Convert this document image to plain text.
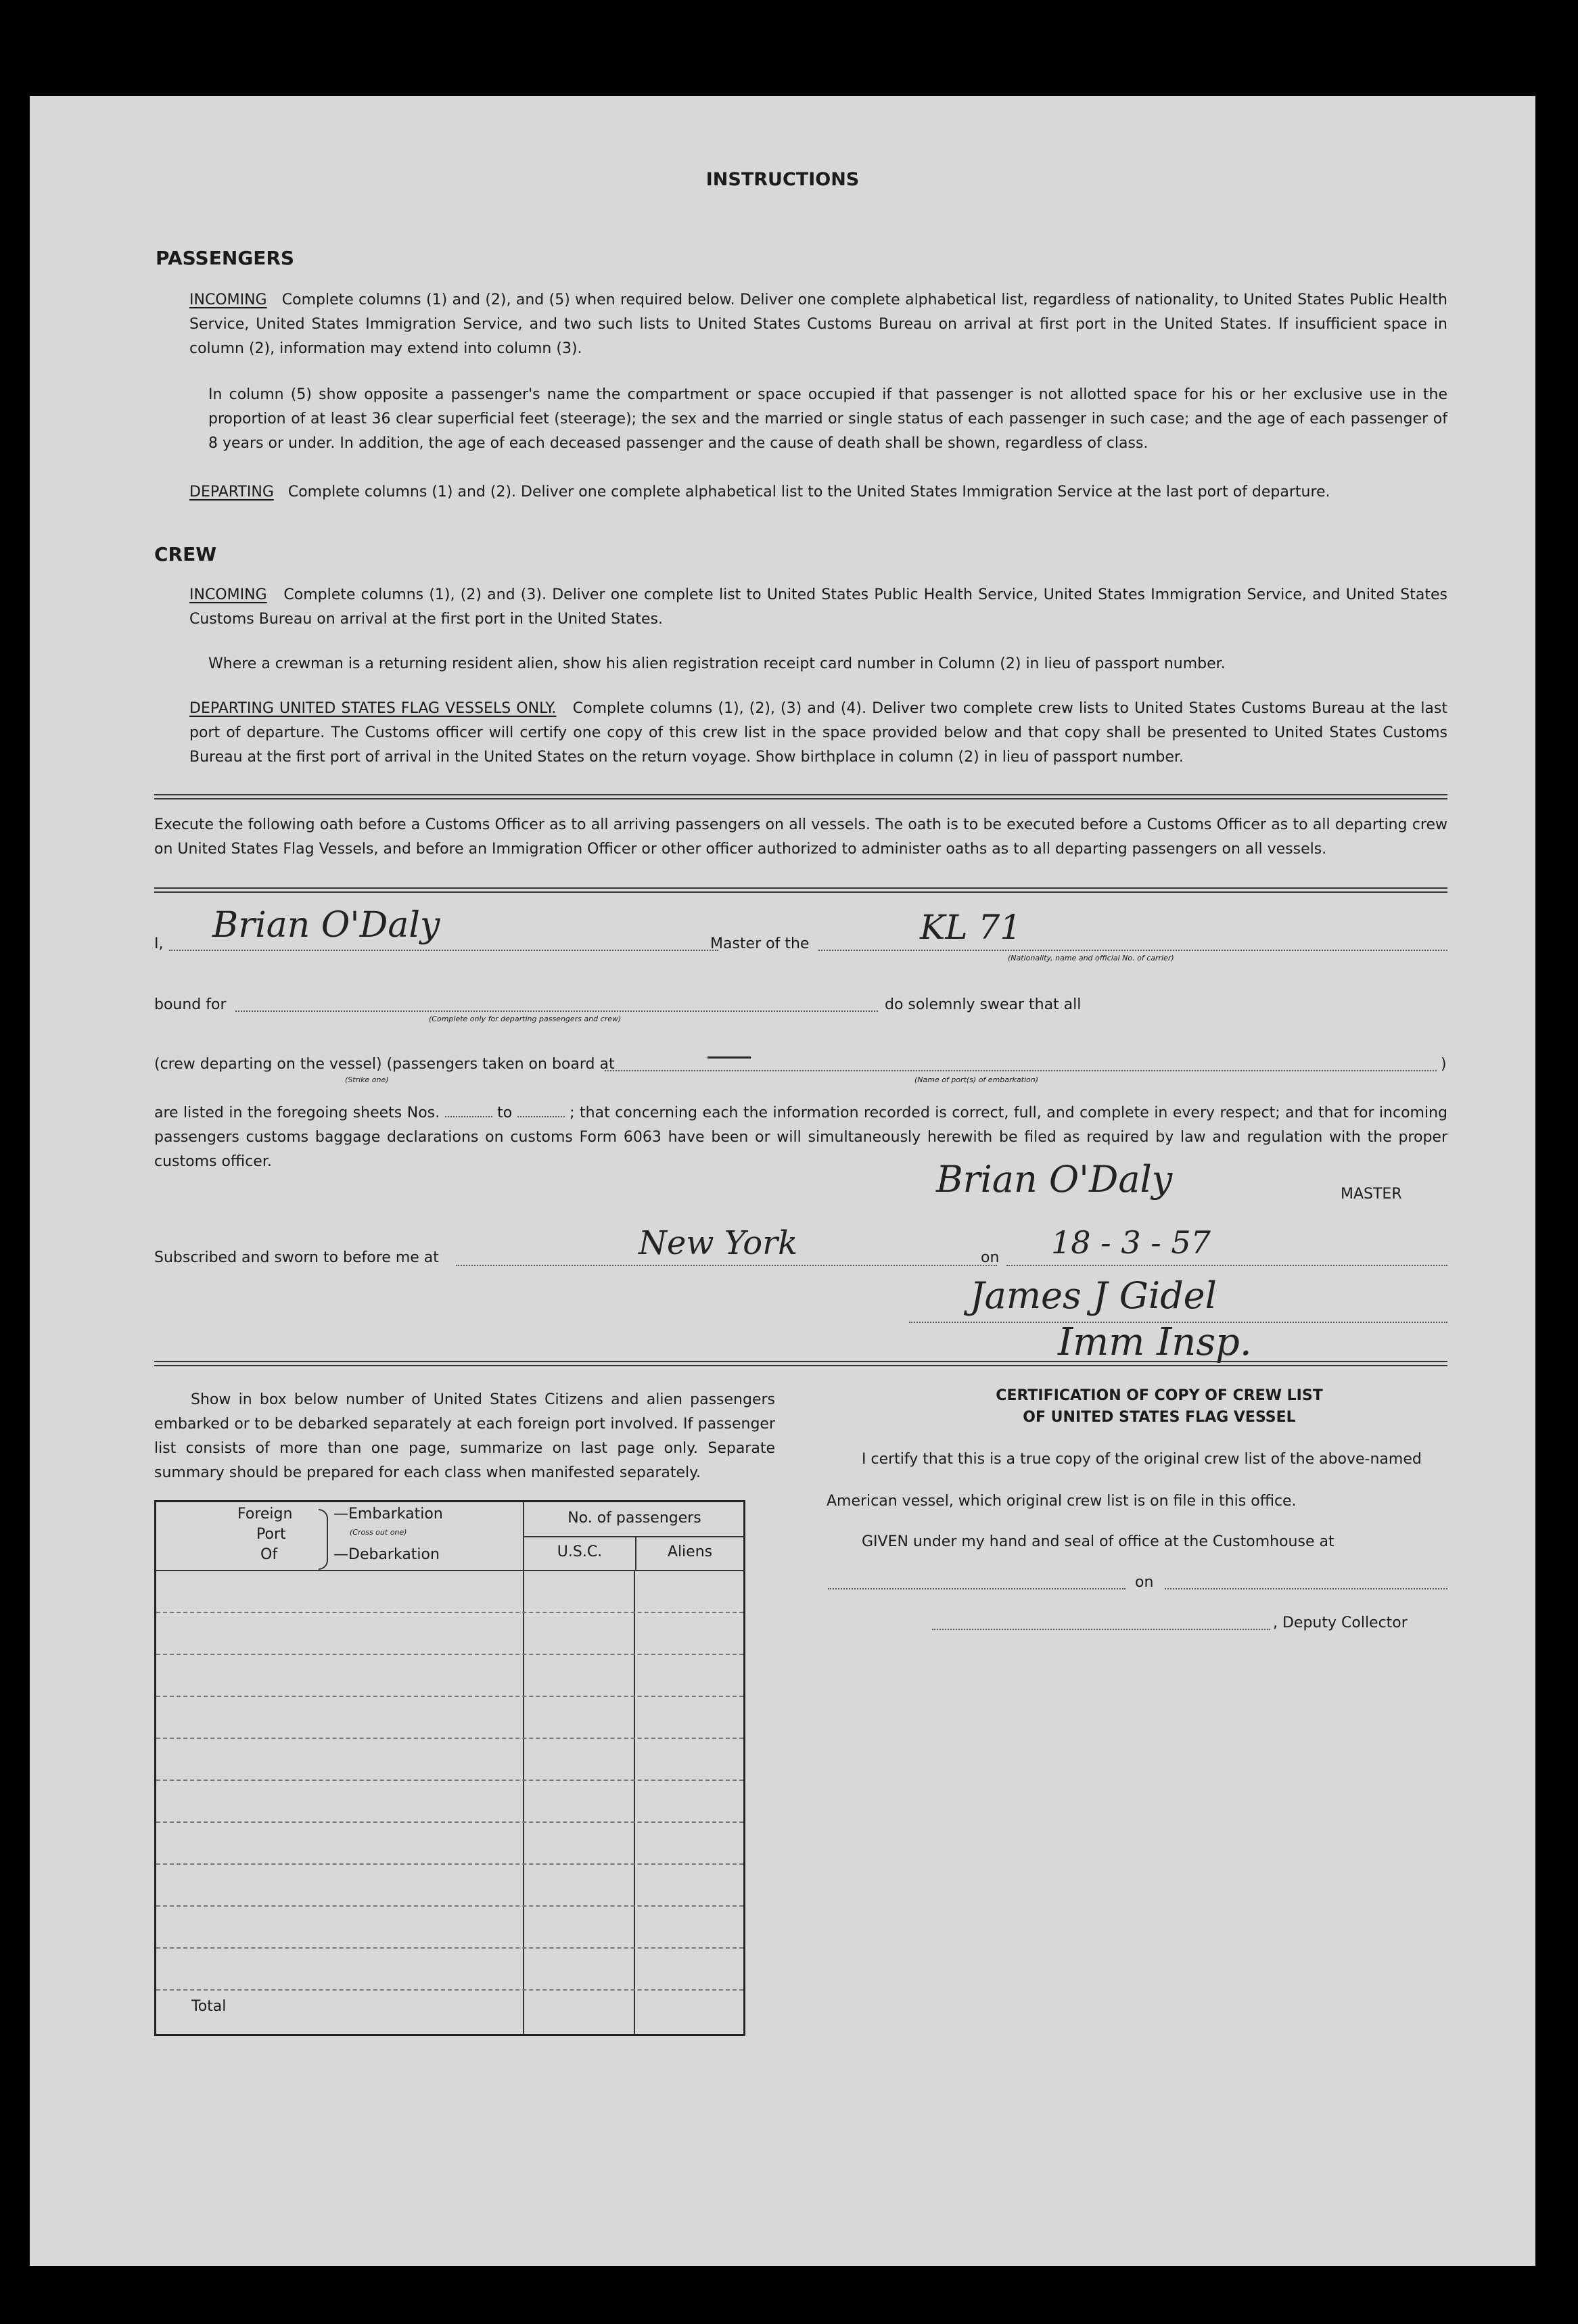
INSTRUCTIONS
PASSENGERS
INCOMING Complete columns (1) and (2), and (5) when required below. Deliver one complete alphabetical list, regardless of nationality, to United States Public Health Service, United States Immigration Service, and two such lists to United States Customs Bureau on arrival at first port in the United States. If insufficient space in column (2), information may extend into column (3).
In column (5) show opposite a passenger's name the compartment or space occupied if that passenger is not allotted space for his or her exclusive use in the proportion of at least 36 clear superficial feet (steerage); the sex and the married or single status of each passenger in such case; and the age of each passenger of 8 years or under. In addition, the age of each deceased passenger and the cause of death shall be shown, regardless of class.
DEPARTING Complete columns (1) and (2). Deliver one complete alphabetical list to the United States Immigration Service at the last port of departure.
CREW
INCOMING Complete columns (1), (2) and (3). Deliver one complete list to United States Public Health Service, United States Immigration Service, and United States Customs Bureau on arrival at the first port in the United States.
Where a crewman is a returning resident alien, show his alien registration receipt card number in Column (2) in lieu of passport number.
DEPARTING UNITED STATES FLAG VESSELS ONLY. Complete columns (1), (2), (3) and (4). Deliver two complete crew lists to United States Customs Bureau at the last port of departure. The Customs officer will certify one copy of this crew list in the space provided below and that copy shall be presented to United States Customs Bureau at the first port of arrival in the United States on the return voyage. Show birthplace in column (2) in lieu of passport number.
Execute the following oath before a Customs Officer as to all arriving passengers on all vessels. The oath is to be executed before a Customs Officer as to all departing crew on United States Flag Vessels, and before an Immigration Officer or other officer authorized to administer oaths as to all departing passengers on all vessels.
I, Brian O'Daly	Master of the	KL 71
(Nationality, name and official No. of carrier)
bound for
(Complete only for departing passengers and crew)
do solemnly swear that all
(crew departing on the vessel) (passengers taken on board at	)
(Strike one)	(Name of port(s) of embarkation)
are listed in the foregoing sheets Nos.	to	; that concerning each the information recorded is correct, full, and complete in every respect; and that for incoming passengers customs baggage declarations on customs Form 6063 have been or will simultaneously herewith be filed as required by law and regulation with the proper customs officer.	Brian O'Daly	MASTER
Subscribed and sworn to before me at	New York	on 18 - 3 - 57
James J Gidel
Imm Insp.
Show in box below number of United States Citizens and alien passengers embarked or to be debarked separately at each foreign port involved. If passenger list consists of more than one page, summarize on last page only. Separate summary should be prepared for each class when manifested separately.
Foreign
Port
Of
—Embarkation
(Cross out one)
—Debarkation
No. of passengers
U.S.C.	Aliens
Total
CERTIFICATION OF COPY OF CREW LIST
OF UNITED STATES FLAG VESSEL
I certify that this is a true copy of the original crew list of the above-named
American vessel, which original crew list is on file in this office.
GIVEN under my hand and seal of office at the Customhouse at
on
, Deputy Collector
